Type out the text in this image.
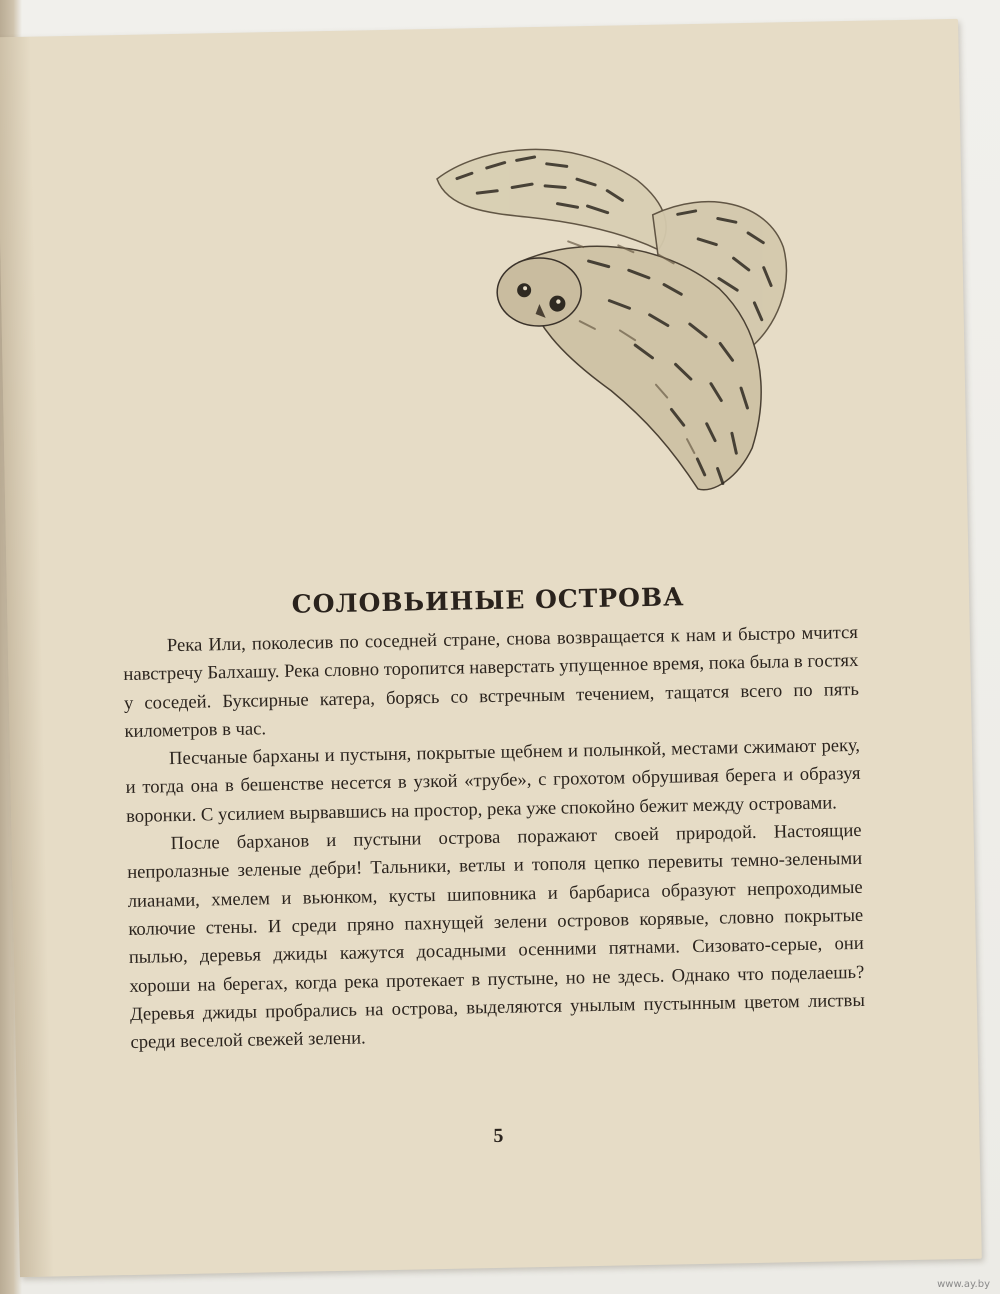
СОЛОВЬИНЫЕ ОСТРОВА

Река Или, поколесив по соседней стране, снова возвращается к нам и быстро мчится навстречу Балхашу. Река словно торопится наверстать упущенное время, пока была в гостях у соседей. Буксирные катера, борясь со встречным течением, тащатся всего по пять километров в час.

Песчаные барханы и пустыня, покрытые щебнем и полынкой, местами сжимают реку, и тогда она в бешенстве несется в узкой «трубе», с грохотом обрушивая берега и образуя воронки. С усилием вырвавшись на простор, река уже спокойно бежит между островами.

После барханов и пустыни острова поражают своей природой. Настоящие непролазные зеленые дебри! Тальники, ветлы и тополя цепко перевиты темно-зелеными лианами, хмелем и вьюнком, кусты шиповника и барбариса образуют непроходимые колючие стены. И среди пряно пахнущей зелени островов корявые, словно покрытые пылью, деревья джиды кажутся досадными осенними пятнами. Сизовато-серые, они хороши на берегах, когда река протекает в пустыне, но не здесь. Однако что поделаешь? Деревья джиды пробрались на острова, выделяются унылым пустынным цветом листвы среди веселой свежей зелени.

5
www.ay.by
